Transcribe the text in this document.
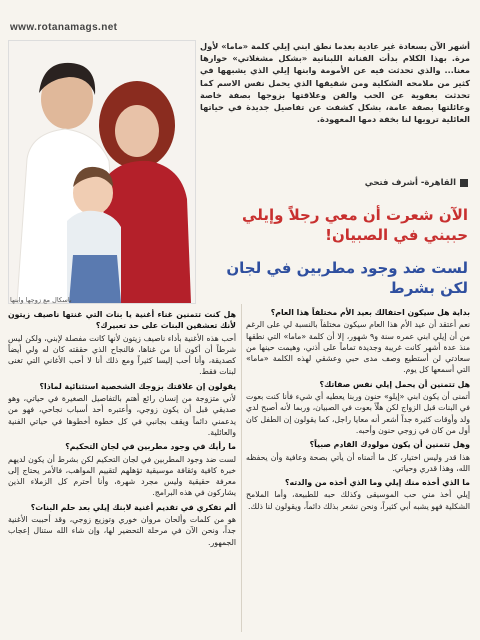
www.rotanamags.net
باسكال مع زوجها وابنها
أشهر الآن بسعادة غير عادية بعدما نطق ابني إيلي كلمة «ماما» لأول مرة. بهذا الكلام بدأت الفنانة اللبنانية «بشكل مشغلاتي» حوارها معنا... والذي تحدثت فيه عن الأمومة وابنها إيلي الذي يشبهها في كثير من ملامحه الشكلية ومن شقيقها الذي يحمل نفس الاسم كما تحدثت بعفوية عن الحب والفن وعلاقتها بزوجها بصفة خاصة وعائلتها بصفة عامة، بشكل كشفت عن تفاصيل جديدة في حياتها العائلية ترويها لنا بخفة دمها المعهودة.
القاهرة- أشرف فتحي
الآن شعرت أن معي رجلاً وإيلي حببني في الصبيان!
لست ضد وجود مطربين في لجان لكن بشرط
بداية هل سيكون احتفالك بعيد الأم مختلفاً هذا العام؟
نعم أعتقد أن عيد الأم هذا العام سيكون مختلفاً بالنسبة لي على الرغم من أن إيلي ابني عمره سنة و٩ شهور، إلا أن كلمة «ماما» التي نطقها منذ عدة أشهر كانت غريبة وجديدة تماماً على أذني، وهيمت حينها من سعادتي لن أستطيع وصف مدى حبي وعشقي لهذه الكلمة «ماما» التي أسمعها كل يوم.
هل تتمنين أن يحمل إيلي نفس صفاتك؟
أتمنى أن يكون ابني «إيلو» حنون وربنا يعطيه أي شيء فأنا كنت بعوت في البنات قبل الزواج لكن هلّأ بعوت في الصبيان، وربما لأنه أصبح لدي ولد وأوقات كثيرة جداً أشعر أنه معايا راجل، كما يقولون إن الطفل كان أول من كان في زوجي حنون وأحبه.
وهل تتمنين أن يكون مولودك القادم صبياً؟
هذا قدر وليس اختيار، كل ما أتمناه أن يأتي بصحة وعافية وأن يحفظه الله، وهذا قدري وحياتي.
ما الذي أخذه منك إيلي وما الذي أخذه من والدته؟
إيلي أخذ مني حب الموسيقى وكذلك حبه للطبيعة، وأما الملامح الشكلية فهو يشبه أبي كثيراً، ونحن نشعر بذلك دائماً، ويقولون لنا ذلك.
هل كنت تتمنين غناء أغنية يا بنات التي غنتها ناصيف زيتون لأنك تعشقين البنات على حد تعبيرك؟
أحب هذه الأغنية بأداء ناصيف زيتون لأنها كانت مفصلة لإبني، ولكن ليس شرطاً أن أكون أنا من غناها، فالنجاح الذي حققته كان له ولي أيضاً كصديقة، وأنا أحب إليسا كثيراً ومع ذلك أنا لا أحب الأغاني التي تغنى لبنات فقط.
يقولون إن علاقتك بزوجك الشخصية استثنائية لماذا؟
لأني متزوجة من إنسان رائع أهتم بالتفاصيل الصغيرة في حياتي، وهو صديقي قبل أن يكون زوجي، وأعتبره أحد أسباب نجاحي، فهو من يدعمني دائماً ويقف بجانبي في كل خطوة أخطوها في حياتي الفنية والعائلية.
ما رأيك في وجود مطربين في لجان التحكيم؟
لست ضد وجود المطربين في لجان التحكيم لكن بشرط أن يكون لديهم خبرة كافية وثقافة موسيقية تؤهلهم لتقييم المواهب، فالأمر يحتاج إلى معرفة حقيقية وليس مجرد شهرة، وأنا أحترم كل الزملاء الذين يشاركون في هذه البرامج.
ألم تفكري في تقديم أغنية لابنك إيلي بعد حلم البنات؟
هو من كلمات وألحان مروان خوري وتوزيع زوجي، وقد أحببت الأغنية جداً، ونحن الآن في مرحلة التحضير لها، وإن شاء الله ستنال إعجاب الجمهور.
